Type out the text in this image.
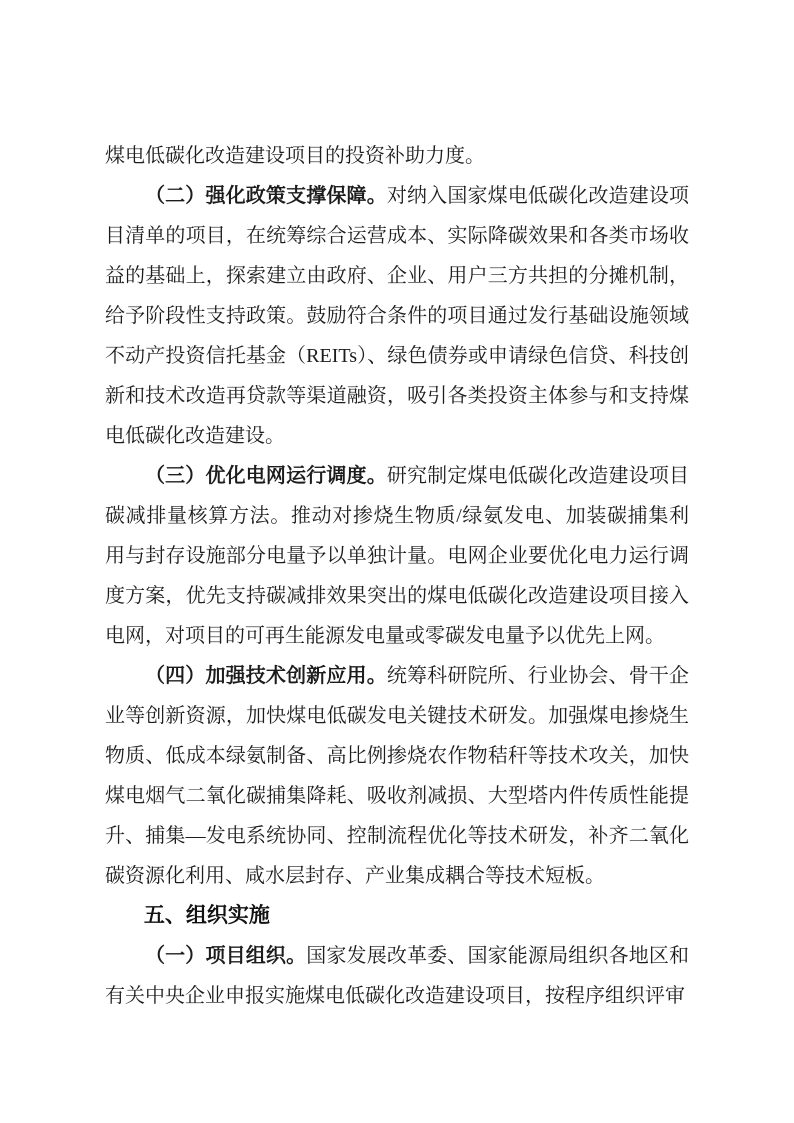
煤电低碳化改造建设项目的投资补助力度。

（二）强化政策支撑保障。对纳入国家煤电低碳化改造建设项目清单的项目，在统筹综合运营成本、实际降碳效果和各类市场收益的基础上，探索建立由政府、企业、用户三方共担的分摊机制，给予阶段性支持政策。鼓励符合条件的项目通过发行基础设施领域不动产投资信托基金（REITs）、绿色债券或申请绿色信贷、科技创新和技术改造再贷款等渠道融资，吸引各类投资主体参与和支持煤电低碳化改造建设。

（三）优化电网运行调度。研究制定煤电低碳化改造建设项目碳减排量核算方法。推动对掺烧生物质/绿氨发电、加装碳捕集利用与封存设施部分电量予以单独计量。电网企业要优化电力运行调度方案，优先支持碳减排效果突出的煤电低碳化改造建设项目接入电网，对项目的可再生能源发电量或零碳发电量予以优先上网。

（四）加强技术创新应用。统筹科研院所、行业协会、骨干企业等创新资源，加快煤电低碳发电关键技术研发。加强煤电掺烧生物质、低成本绿氨制备、高比例掺烧农作物秸秆等技术攻关，加快煤电烟气二氧化碳捕集降耗、吸收剂减损、大型塔内件传质性能提升、捕集—发电系统协同、控制流程优化等技术研发，补齐二氧化碳资源化利用、咸水层封存、产业集成耦合等技术短板。

五、组织实施

（一）项目组织。国家发展改革委、国家能源局组织各地区和有关中央企业申报实施煤电低碳化改造建设项目，按程序组织评审
